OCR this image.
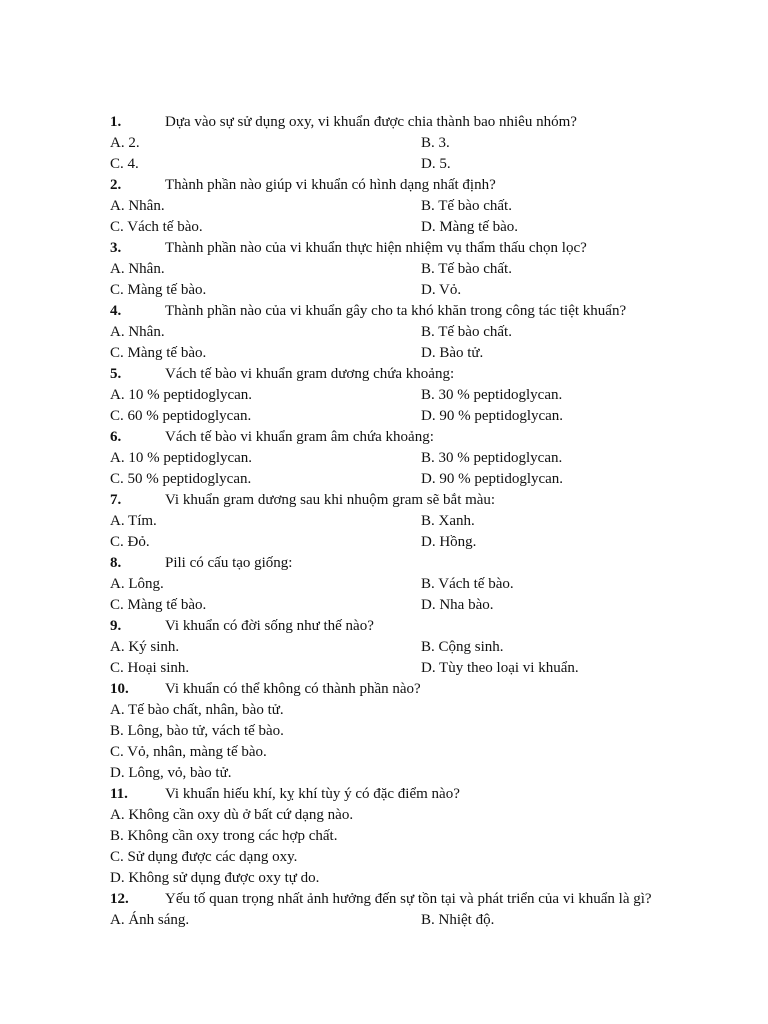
1.	Dựa vào sự sử dụng oxy, vi khuẩn được chia thành bao nhiêu nhóm?
A. 2.	B. 3.
C. 4.	D. 5.
2.	Thành phần nào giúp vi khuẩn có hình dạng nhất định?
A. Nhân.	B. Tế bào chất.
C. Vách tế bào.	D. Màng tế bào.
3.	Thành phần nào của vi khuẩn thực hiện nhiệm vụ thẩm thấu chọn lọc?
A. Nhân.	B. Tế bào chất.
C. Màng tế bào.	D. Vỏ.
4.	Thành phần nào của vi khuẩn gây cho ta khó khăn trong công tác tiệt khuẩn?
A. Nhân.	B. Tế bào chất.
C. Màng tế bào.	D. Bào tử.
5.	Vách tế bào vi khuẩn gram dương chứa khoảng:
A. 10 % peptidoglycan.	B. 30 % peptidoglycan.
C. 60 % peptidoglycan.	D. 90 % peptidoglycan.
6.	Vách tế bào vi khuẩn gram âm chứa khoảng:
A. 10 % peptidoglycan.	B. 30 % peptidoglycan.
C. 50 % peptidoglycan.	D. 90 % peptidoglycan.
7.	Vi khuẩn gram dương sau khi nhuộm gram sẽ bắt màu:
A. Tím.	B. Xanh.
C. Đỏ.	D. Hồng.
8.	Pili có cấu tạo giống:
A. Lông.	B. Vách tế bào.
C. Màng tế bào.	D. Nha bào.
9.	Vi khuẩn có đời sống như thế nào?
A. Ký sinh.	B. Cộng sinh.
C. Hoại sinh.	D. Tùy theo loại vi khuẩn.
10.	Vi khuẩn có thể không có thành phần nào?
A. Tế bào chất, nhân, bào tử.
B. Lông, bào tử, vách tế bào.
C. Vỏ, nhân, màng tế bào.
D. Lông, vỏ, bào tử.
11.	Vi khuẩn hiếu khí, kỵ khí tùy ý có đặc điểm nào?
A. Không cần oxy dù ở bất cứ dạng nào.
B. Không cần oxy trong các hợp chất.
C. Sử dụng được các dạng oxy.
D. Không sử dụng được oxy tự do.
12.	Yếu tố quan trọng nhất ảnh hưởng đến sự tồn tại và phát triển của vi khuẩn là gì?
A. Ánh sáng.	B. Nhiệt độ.
